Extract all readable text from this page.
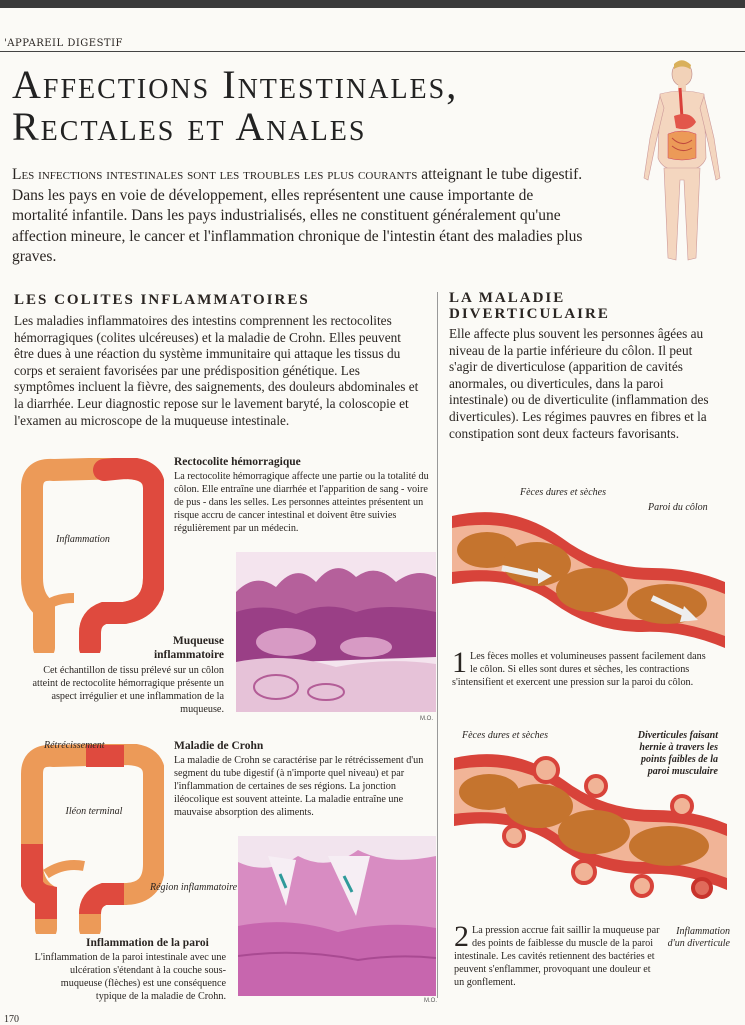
'APPAREIL DIGESTIF
Affections Intestinales,
Rectales et Anales
Les infections intestinales sont les troubles les plus courants atteignant le tube digestif. Dans les pays en voie de développement, elles représentent une cause importante de mortalité infantile. Dans les pays industrialisés, elles ne constituent généralement qu'une affection mineure, le cancer et l'inflammation chronique de l'intestin étant des maladies plus graves.
LES COLITES INFLAMMATOIRES
Les maladies inflammatoires des intestins comprennent les rectocolites hémorragiques (colites ulcéreuses) et la maladie de Crohn. Elles peuvent être dues à une réaction du système immunitaire qui attaque les tissus du corps et seraient favorisées par une prédisposition génétique. Les symptômes incluent la fièvre, des saignements, des douleurs abdominales et la diarrhée. Leur diagnostic repose sur le lavement baryté, la coloscopie et l'examen au microscope de la muqueuse intestinale.
Inflammation
Rectocolite hémorragique
La rectocolite hémorragique affecte une partie ou la totalité du côlon. Elle entraîne une diarrhée et l'apparition de sang - voire de pus - dans les selles. Les personnes atteintes présentent un risque accru de cancer intestinal et doivent être suivies régulièrement par un médecin.
M.O.
Muqueuse inflammatoire
Cet échantillon de tissu prélevé sur un côlon atteint de rectocolite hémorragique présente un aspect irrégulier et une inflammation de la muqueuse.
Rétrécissement
Iléon terminal
Région inflammatoire
Maladie de Crohn
La maladie de Crohn se caractérise par le rétrécissement d'un segment du tube digestif (à n'importe quel niveau) et par l'inflammation de certaines de ses régions. La jonction iléocolique est souvent atteinte. La maladie entraîne une mauvaise absorption des aliments.
M.O.
Inflammation de la paroi
L'inflammation de la paroi intestinale avec une ulcération s'étendant à la couche sous-muqueuse (flèches) est une conséquence typique de la maladie de Crohn.
LA MALADIE
DIVERTICULAIRE
Elle affecte plus souvent les personnes âgées au niveau de la partie inférieure du côlon. Il peut s'agir de diverticulose (apparition de cavités anormales, ou diverticules, dans la paroi intestinale) ou de diverticulite (inflammation des diverticules). Les régimes pauvres en fibres et la constipation sont deux facteurs favorisants.
Fèces dures et sèches
Paroi du côlon
1 Les fèces molles et volumineuses passent facilement dans le côlon. Si elles sont dures et sèches, les contractions s'intensifient et exercent une pression sur la paroi du côlon.
Fèces dures et sèches	Diverticules faisant hernie à travers les points faibles de la paroi musculaire
2 La pression accrue fait saillir la muqueuse par des points de faiblesse du muscle de la paroi intestinale. Les cavités retiennent des bactéries et peuvent s'enflammer, provoquant une douleur et un gonflement.
Inflammation d'un diverticule
170
